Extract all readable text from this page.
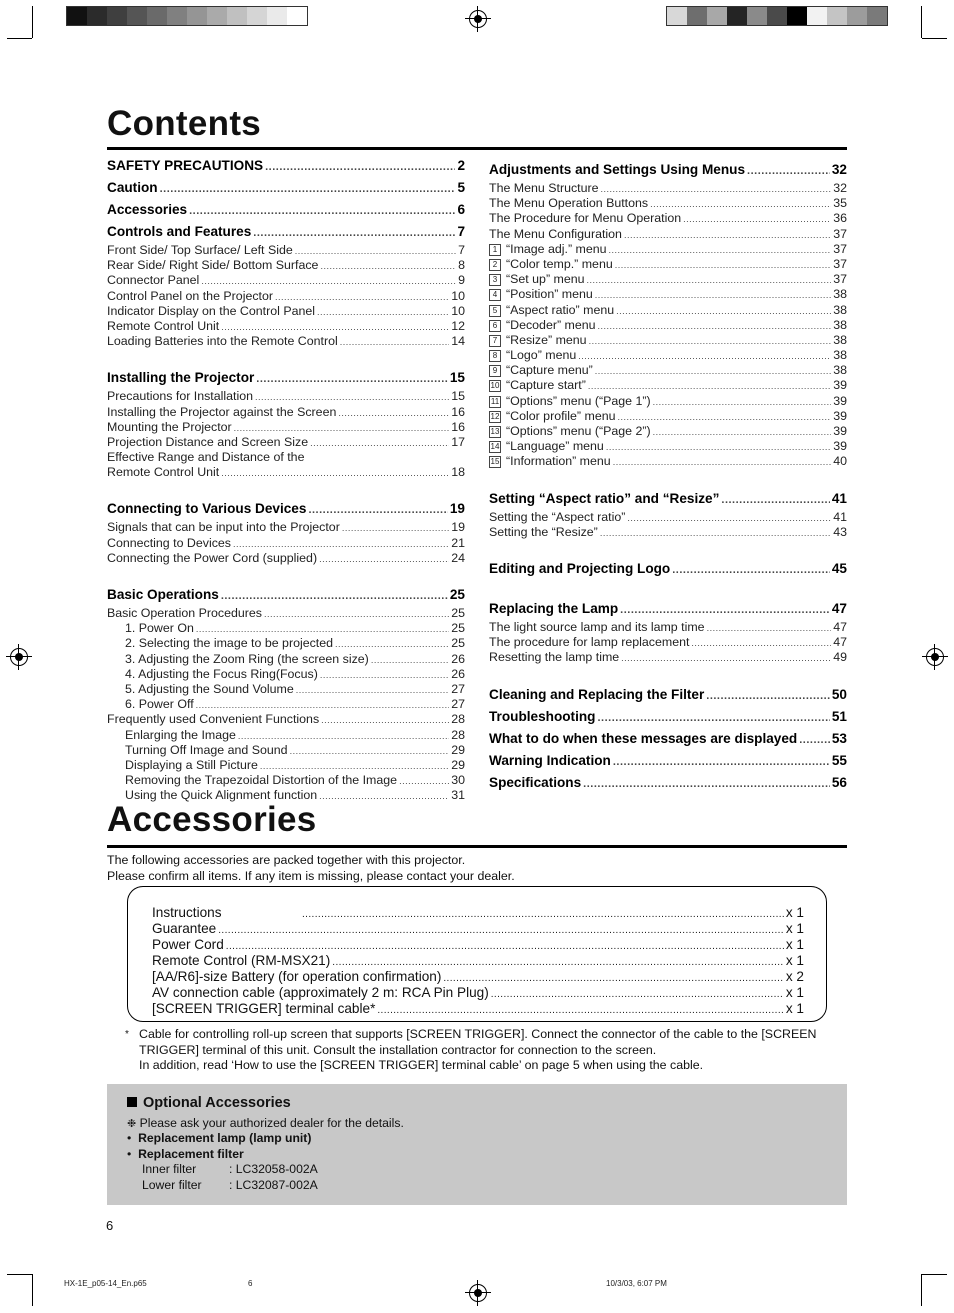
Contents
SAFETY PRECAUTIONS .....	2
Caution .....	5
Accessories .....	6
Controls and Features .....	7
Front Side/ Top Surface/ Left Side .....	7
Rear Side/ Right Side/ Bottom Surface .....	8
Connector Panel .....	9
Control Panel on the Projector .....	10
Indicator Display on the Control Panel .....	10
Remote Control Unit .....	12
Loading Batteries into the Remote Control .....	14
Installing the Projector .....	15
Precautions for Installation .....	15
Installing the Projector against the Screen .....	16
Mounting the Projector .....	16
Projection Distance and Screen Size .....	17
Effective Range and Distance of the
Remote Control Unit .....	18
Connecting to Various Devices .....	19
Signals that can be input into the Projector .....	19
Connecting to Devices .....	21
Connecting the Power Cord (supplied) .....	24
Basic Operations .....	25
Basic Operation Procedures .....	25
1. Power On .....	25
2. Selecting the image to be projected .....	25
3. Adjusting the Zoom Ring (the screen size) .....	26
4. Adjusting the Focus Ring(Focus) .....	26
5. Adjusting the Sound Volume .....	27
6. Power Off .....	27
Frequently used Convenient Functions .....	28
Enlarging the Image .....	28
Turning Off Image and Sound .....	29
Displaying a Still Picture .....	29
Removing the Trapezoidal Distortion of the Image .....	30
Using the Quick Alignment function .....	31
Adjustments and Settings Using Menus .....	32
The Menu Structure .....	32
The Menu Operation Buttons .....	35
The Procedure for Menu Operation .....	36
The Menu Configuration .....	37
1 “Image adj.” menu .....	37
2 “Color temp.” menu .....	37
3 “Set up” menu .....	37
4 “Position” menu .....	38
5 “Aspect ratio” menu .....	38
6 “Decoder” menu .....	38
7 “Resize” menu .....	38
8 “Logo” menu .....	38
9 “Capture menu” .....	38
10 “Capture start” .....	39
11 “Options” menu (“Page 1”) .....	39
12 “Color profile” menu .....	39
13 “Options” menu (“Page 2”) .....	39
14 “Language” menu .....	39
15 “Information” menu .....	40
Setting “Aspect ratio” and “Resize” .....	41
Setting the “Aspect ratio” .....	41
Setting the “Resize” .....	43
Editing and Projecting Logo .....	45
Replacing the Lamp .....	47
The light source lamp and its lamp time .....	47
The procedure for lamp replacement .....	47
Resetting the lamp time .....	49
Cleaning and Replacing the Filter .....	50
Troubleshooting .....	51
What to do when these messages are displayed .....	53
Warning Indication .....	55
Specifications .....	56
Accessories
The following accessories are packed together with this projector.
Please confirm all items. If any item is missing, please contact your dealer.
Instructions .....	x 1
Guarantee .....	x 1
Power Cord .....	x 1
Remote Control (RM-MSX21) .....	x 1
[AA/R6]-size Battery (for operation confirmation) .....	x 2
AV connection cable (approximately 2 m: RCA Pin Plug) .....	x 1
[SCREEN TRIGGER] terminal cable* .....	x 1
* Cable for controlling roll-up screen that supports [SCREEN TRIGGER]. Connect the connector of the cable to the [SCREEN
TRIGGER] terminal of this unit. Consult the installation contractor for connection to the screen.
In addition, read ‘How to use the [SCREEN TRIGGER] terminal cable’ on page 5 when using the cable.
Optional Accessories
❉ Please ask your authorized dealer for the details.
• Replacement lamp (lamp unit)
• Replacement filter
Inner filter	: LC32058-002A
Lower filter : LC32087-002A
6
HX-1E_p05-14_En.p65	6	10/3/03, 6:07 PM
